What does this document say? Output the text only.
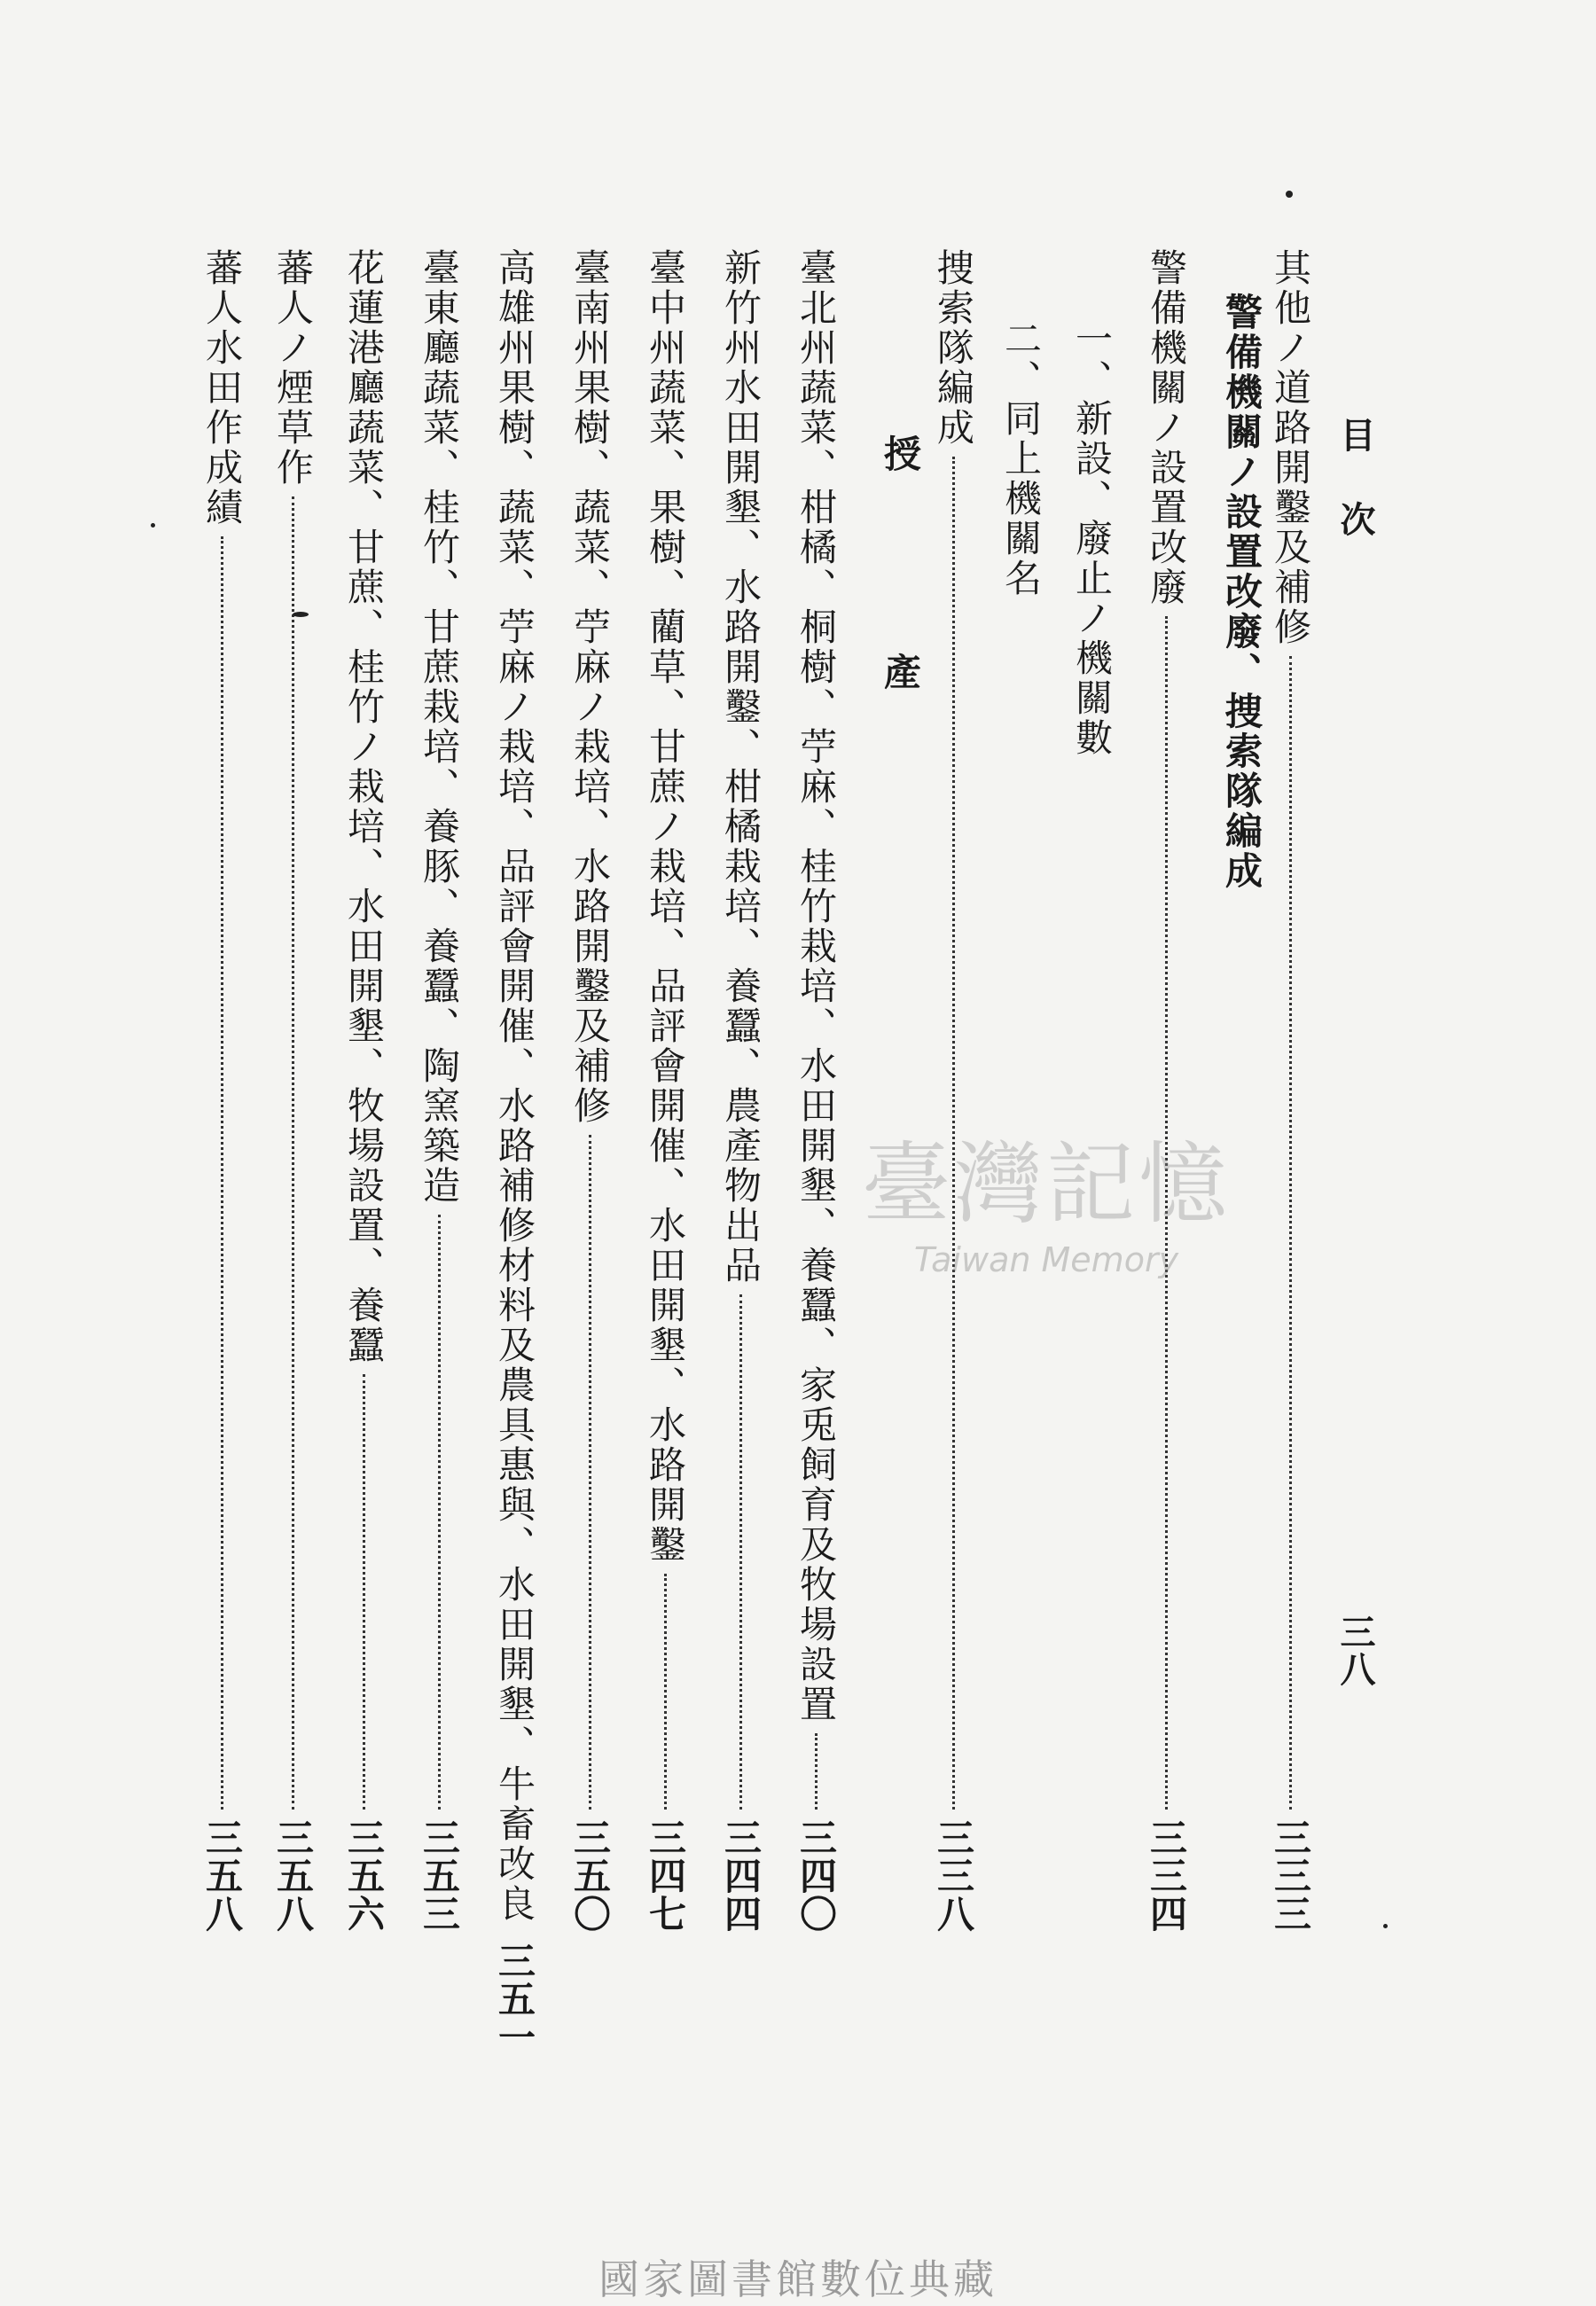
目次
三八
其他ノ道路開鑿及補修
三三三
警備機關ノ設置改廢、捜索隊編成
警備機關ノ設置改廢
三三四
一、新設、廢止ノ機關數
二、同上機關名
捜索隊編成
三三八
授　　產
臺北州蔬菜、柑橘、桐樹、苧麻、桂竹栽培、水田開墾、養蠶、家兎飼育及牧場設置
三四〇
新竹州水田開墾、水路開鑿、柑橘栽培、養蠶、農產物出品
三四四
臺中州蔬菜、果樹、藺草、甘蔗ノ栽培、品評會開催、水田開墾、水路開鑿
三四七
臺南州果樹、蔬菜、苧麻ノ栽培、水路開鑿及補修
三五〇
高雄州果樹、蔬菜、苧麻ノ栽培、品評會開催、水路補修材料及農具惠與、水田開墾、牛畜改良
三五一
臺東廳蔬菜、桂竹、甘蔗栽培、養豚、養蠶、陶窯築造
三五三
花蓮港廳蔬菜、甘蔗、桂竹ノ栽培、水田開墾、牧場設置、養蠶
三五六
蕃人ノ煙草作
三五八
蕃人水田作成績
三五八
臺灣記憶
Taiwan Memory
國家圖書館數位典藏
